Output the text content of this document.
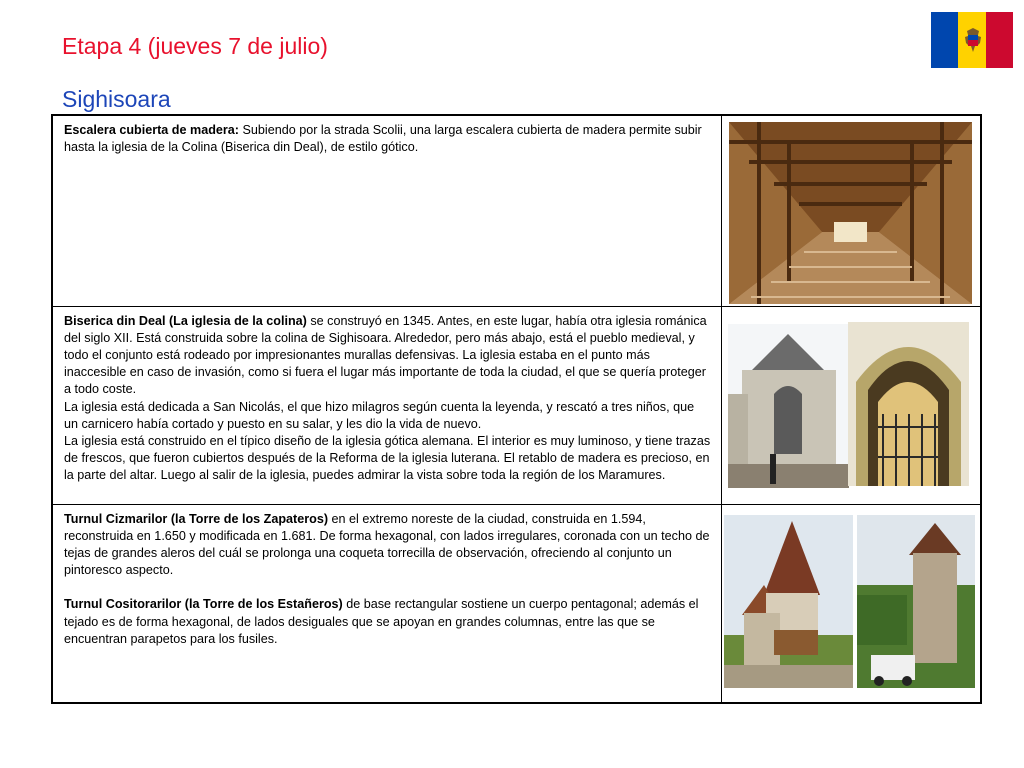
Etapa 4 (jueves 7 de julio)
Sighisoara

Escalera cubierta de madera: Subiendo por la strada Scolii, una larga escalera cubierta de madera permite subir hasta la iglesia de la Colina (Biserica din Deal), de estilo gótico.

Biserica din Deal (La iglesia de la colina) se construyó en 1345. Antes, en este lugar, había otra iglesia románica del siglo XII. Está construida sobre la colina de Sighisoara. Alrededor, pero más abajo, está el pueblo medieval, y todo el conjunto está rodeado por impresionantes murallas defensivas. La iglesia estaba en el punto más inaccesible en caso de invasión, como si fuera el lugar más importante de toda la ciudad, el que se quería proteger a todo coste.

La iglesia está dedicada a San Nicolás, el que hizo milagros según cuenta la leyenda, y rescató a tres niños, que un carnicero había cortado y puesto en su salar, y les dio la vida de nuevo.

La iglesia está construido en el típico diseño de la iglesia gótica alemana. El interior es muy luminoso, y tiene trazas de frescos, que fueron cubiertos después de la Reforma de la iglesia luterana. El retablo de madera es precioso, en la parte del altar. Luego al salir de la iglesia, puedes admirar la vista sobre toda la región de los Maramures.

Turnul Cizmarilor (la Torre de los Zapateros) en el extremo noreste de la ciudad, construida en 1.594, reconstruida en 1.650 y modificada en 1.681. De forma hexagonal, con lados irregulares, coronada con un techo de tejas de grandes aleros del cuál se prolonga una coqueta torrecilla de observación, ofreciendo al conjunto un pintoresco aspecto.

Turnul Cositorarilor (la Torre de los Estañeros) de base rectangular sostiene un cuerpo pentagonal; además el tejado es de forma hexagonal, de lados desiguales que se apoyan en grandes columnas, entre las que se encuentran parapetos para los fusiles.
